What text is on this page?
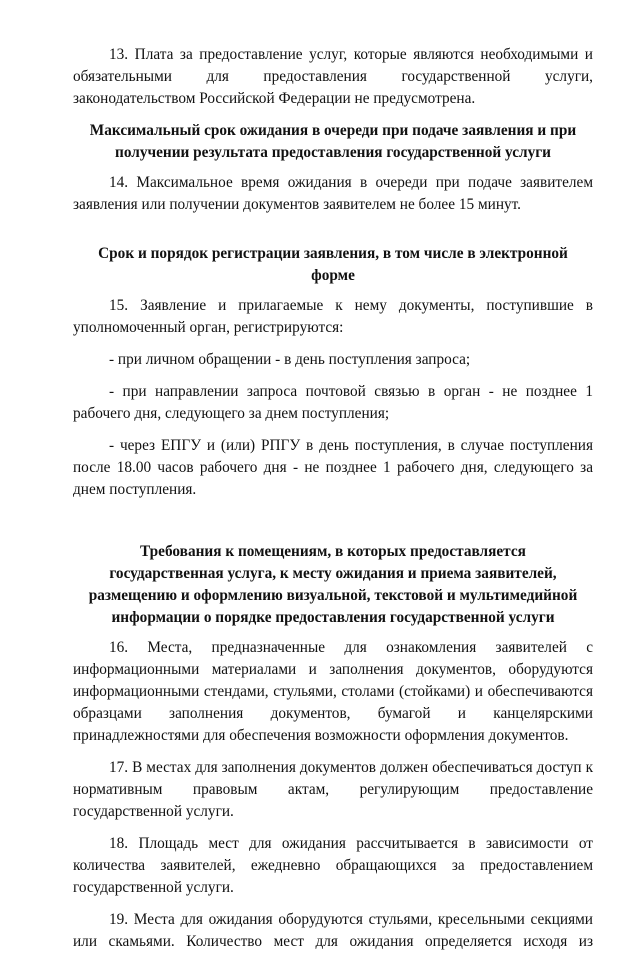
13. Плата за предоставление услуг, которые являются необходимыми и обязательными для предоставления государственной услуги, законодательством Российской Федерации не предусмотрена.

Максимальный срок ожидания в очереди при подаче заявления и при получении результата предоставления государственной услуги

14. Максимальное время ожидания в очереди при подаче заявителем заявления или получении документов заявителем не более 15 минут.

Срок и порядок регистрации заявления, в том числе в электронной форме

15. Заявление и прилагаемые к нему документы, поступившие в уполномоченный орган, регистрируются:

- при личном обращении - в день поступления запроса;

- при направлении запроса почтовой связью в орган - не позднее 1 рабочего дня, следующего за днем поступления;

- через ЕПГУ и (или) РПГУ в день поступления, в случае поступления после 18.00 часов рабочего дня - не позднее 1 рабочего дня, следующего за днем поступления.

Требования к помещениям, в которых предоставляется государственная услуга, к месту ожидания и приема заявителей, размещению и оформлению визуальной, текстовой и мультимедийной информации о порядке предоставления государственной услуги

16. Места, предназначенные для ознакомления заявителей с информационными материалами и заполнения документов, оборудуются информационными стендами, стульями, столами (стойками) и обеспечиваются образцами заполнения документов, бумагой и канцелярскими принадлежностями для обеспечения возможности оформления документов.

17. В местах для заполнения документов должен обеспечиваться доступ к нормативным правовым актам, регулирующим предоставление государственной услуги.

18. Площадь мест для ожидания рассчитывается в зависимости от количества заявителей, ежедневно обращающихся за предоставлением государственной услуги.

19. Места для ожидания оборудуются стульями, кресельными секциями или скамьями. Количество мест для ожидания определяется исходя из
